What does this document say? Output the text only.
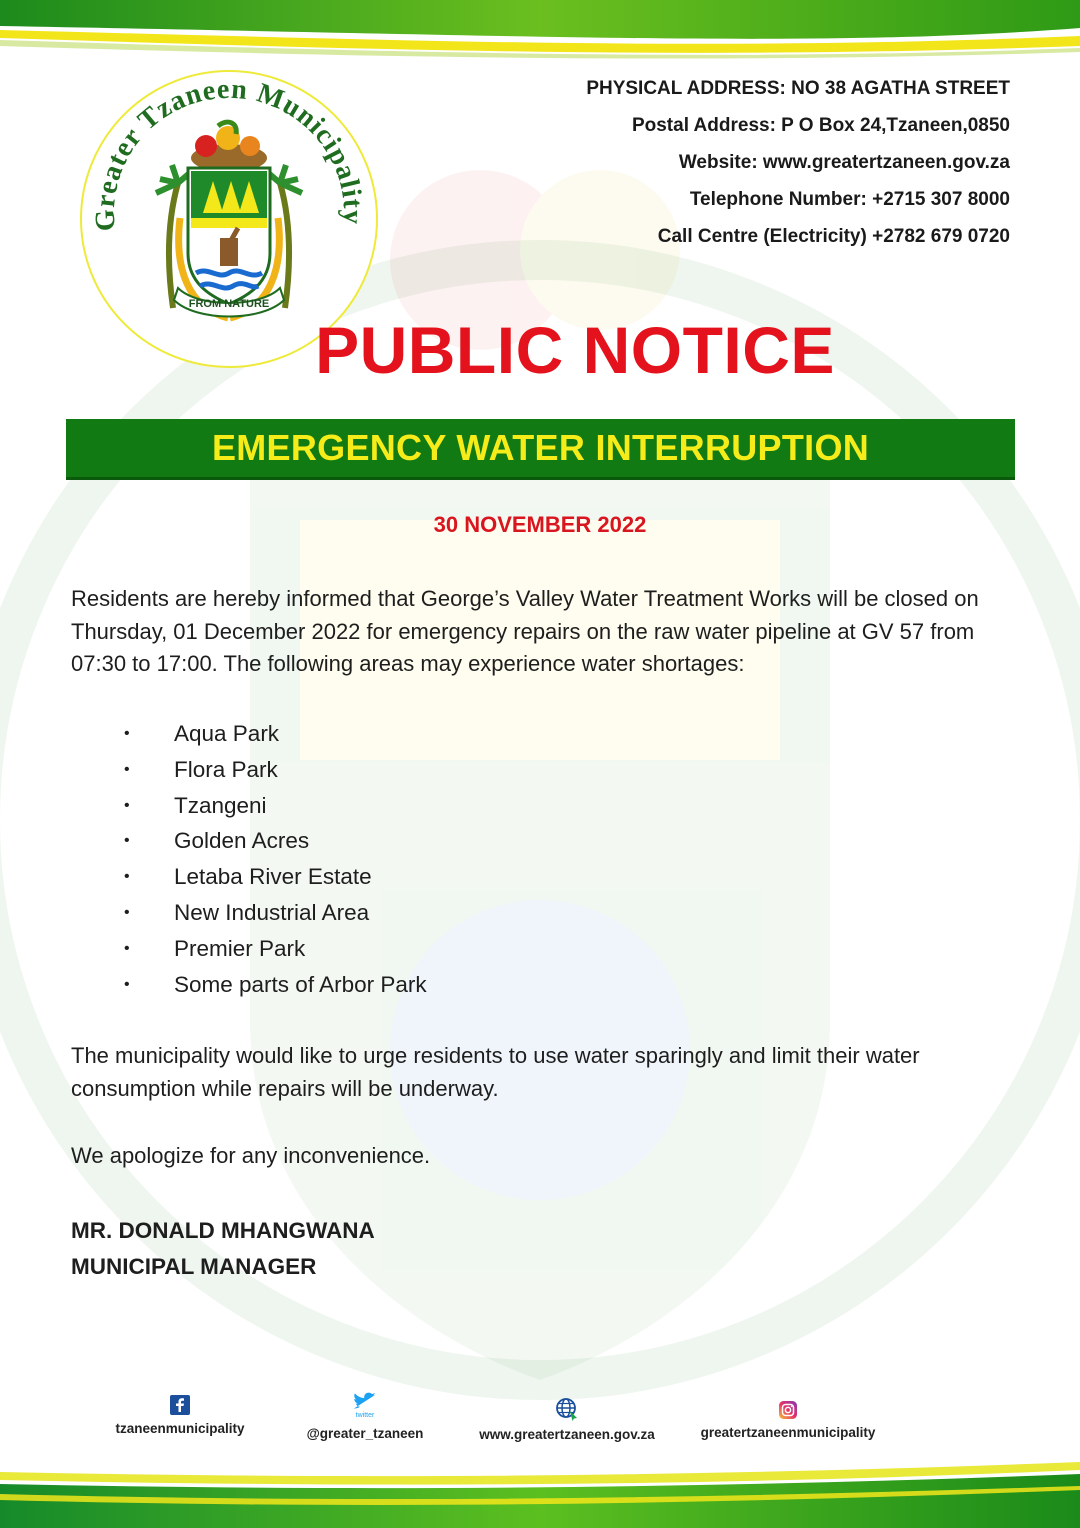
Greater Tzaneen Municipality
FROM NATURE
PHYSICAL ADDRESS: NO 38 AGATHA STREET
Postal Address: P O Box 24,Tzaneen,0850
Website: www.greatertzaneen.gov.za
Telephone Number: +2715 307 8000
Call Centre (Electricity) +2782 679 0720
PUBLIC NOTICE
EMERGENCY WATER INTERRUPTION
30 NOVEMBER 2022
Residents are hereby informed that George’s Valley Water Treatment Works will be closed on Thursday, 01 December 2022 for emergency repairs on the raw water pipeline at GV 57 from 07:30 to 17:00. The following areas may experience water shortages:
• Aqua Park
• Flora Park
• Tzangeni
• Golden Acres
• Letaba River Estate
• New Industrial Area
• Premier Park
• Some parts of Arbor Park
The municipality would like to urge residents to use water sparingly and limit their water consumption while repairs will be underway.
We apologize for any inconvenience.
MR. DONALD MHANGWANA
MUNICIPAL MANAGER
tzaneenmunicipality
twitter
@greater_tzaneen	www.greatertzaneen.gov.za	greatertzaneenmunicipality
